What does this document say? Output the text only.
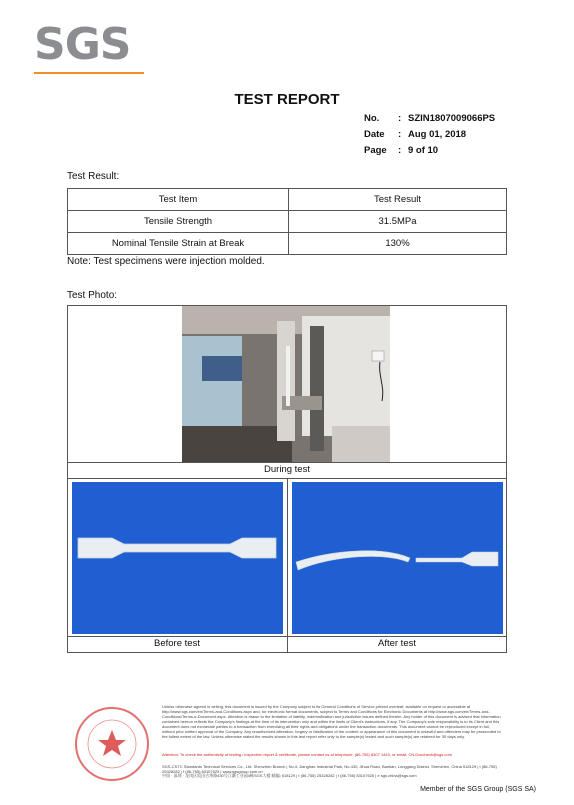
SGS
TEST REPORT
No.	: SZIN1807009066PS
Date	: Aug 01, 2018
Page	: 9 of 10
Test Result:
Test Item	Test Result
Tensile Strength	31.5MPa
Nominal Tensile Strain at Break	130%
Note: Test specimens were injection molded.
Test Photo:
During test
Before test	After test
Unless otherwise agreed in writing, this document is issued by the Company subject to its General Conditions of Service printed overleaf, available on request or accessible at http://www.sgs.com/en/Terms-and-Conditions.aspx and, for electronic format documents, subject to Terms and Conditions for Electronic Documents at http://www.sgs.com/en/Terms-and-Conditions/Terms-e-Document.aspx. Attention is drawn to the limitation of liability, indemnification and jurisdiction issues defined therein. Any holder of this document is advised that information contained hereon reflects the Company's findings at the time of its intervention only and within the limits of Client's instructions, if any. The Company's sole responsibility is to its Client and this document does not exonerate parties to a transaction from exercising all their rights and obligations under the transaction documents. This document cannot be reproduced except in full, without prior written approval of the Company. Any unauthorized alteration, forgery or falsification of the content or appearance of this document is unlawful and offenders may be prosecuted to the fullest extent of the law. Unless otherwise stated the results shown in this test report refer only to the sample(s) tested and such sample(s) are retained for 30 days only.
Attention: To check the authenticity of testing / inspection report & certificate, please contact us at telephone: (86-755) 8307 1443, or email: CN.Doccheck@sgs.com
SGS-CSTC Standards Technical Services Co., Ltd. Shenzhen Branch | No.4, Jianghao Industrial Park, No.430, Jihua Road, Bantian, Longgang District, Shenzhen, China 518129 | t (86-755) 25328282 | f (86-755) 83107625 | www.sgsgroup.com.cn
中国 · 深圳 · 龙岗区坂田吉华路430号江灏工业园4栋SGS大楼 邮编: 518129 | t (86-755) 25328282 | f (86-755) 83107625 | e sgs.china@sgs.com
Member of the SGS Group (SGS SA)
